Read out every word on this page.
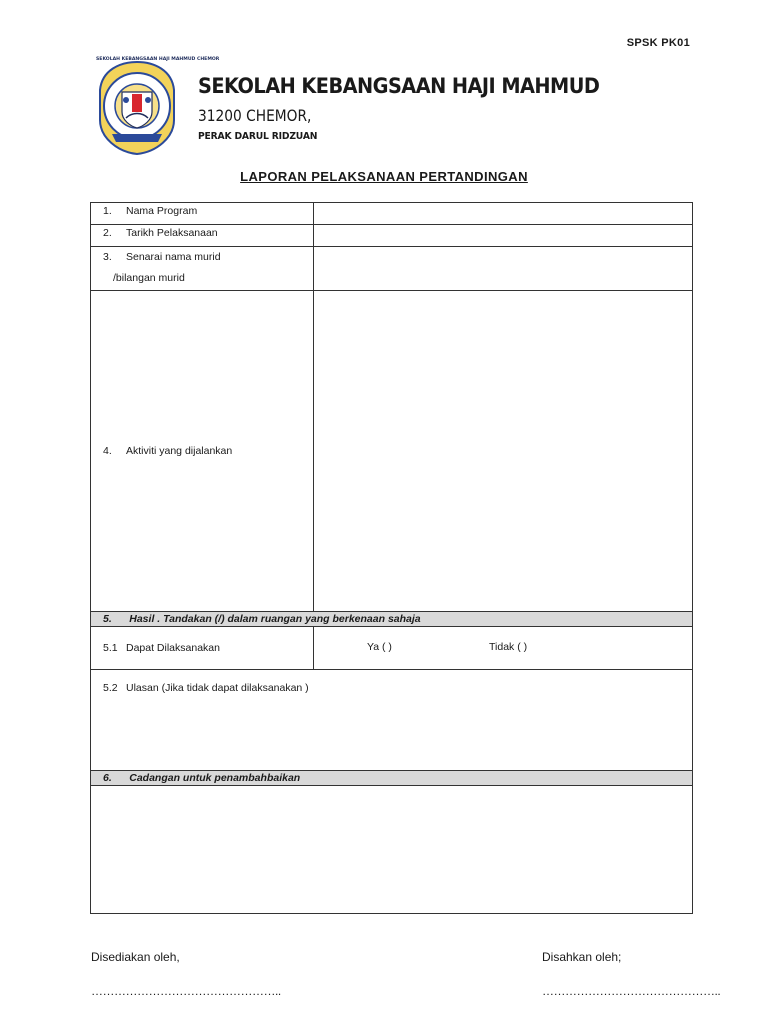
SPSK PK01
SEKOLAH KEBANGSAAN HAJI MAHMUD CHEMOR
SEKOLAH KEBANGSAAN HAJI MAHMUD
31200 CHEMOR,
PERAK DARUL RIDZUAN
LAPORAN PELAKSANAAN PERTANDINGAN
1. Nama Program	

2. Tarikh Pelaksanaan	

3. Senarai nama murid
/bilangan murid	

4. Aktiviti yang dijalankan	

5.      Hasil . Tandakan (/) dalam ruangan yang berkenaan sahaja	

5.1 Dapat Dilaksanakan	Ya ( ) Tidak ( )

5.2 Ulasan (Jika tidak dapat dilaksanakan )	

6.      Cadangan untuk penambahbaikan	

Disediakan oleh,	Disahkan oleh;
…………………………………………..	………………………………………..
